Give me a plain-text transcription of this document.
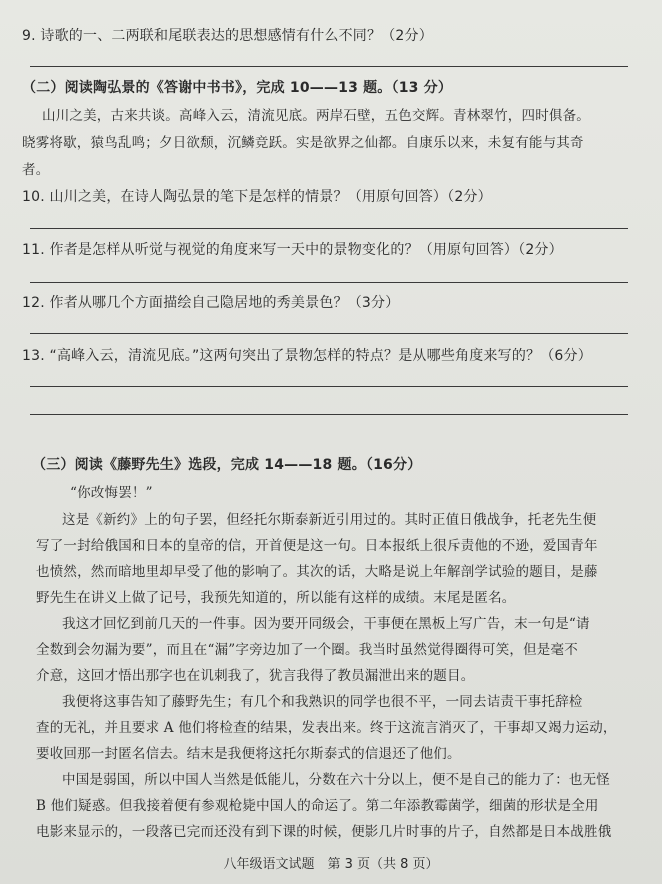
9. 诗歌的一、二两联和尾联表达的思想感情有什么不同？（2分）
（二）阅读陶弘景的《答谢中书书》，完成 10——13 题。（13 分）
山川之美，古来共谈。高峰入云，清流见底。两岸石壁，五色交辉。青林翠竹，四时俱备。
晓雾将歇，猿鸟乱鸣；夕日欲颓，沉鳞竞跃。实是欲界之仙都。自康乐以来，未复有能与其奇
者。
10. 山川之美，在诗人陶弘景的笔下是怎样的情景？（用原句回答）（2分）
11. 作者是怎样从听觉与视觉的角度来写一天中的景物变化的？（用原句回答）（2分）
12. 作者从哪几个方面描绘自己隐居地的秀美景色？（3分）
13. “高峰入云，清流见底。”这两句突出了景物怎样的特点？是从哪些角度来写的？（6分）
（三）阅读《藤野先生》选段，完成 14——18 题。（16分）
“你改悔罢！”
这是《新约》上的句子罢，但经托尔斯泰新近引用过的。其时正值日俄战争，托老先生便
写了一封给俄国和日本的皇帝的信，开首便是这一句。日本报纸上很斥责他的不逊，爱国青年
也愤然，然而暗地里却早受了他的影响了。其次的话，大略是说上年解剖学试验的题目，是藤
野先生在讲义上做了记号，我预先知道的，所以能有这样的成绩。末尾是匿名。
我这才回忆到前几天的一件事。因为要开同级会，干事便在黑板上写广告，末一句是“请
全数到会勿漏为要”，而且在“漏”字旁边加了一个圈。我当时虽然觉得圈得可笑，但是毫不
介意，这回才悟出那字也在讥刺我了，犹言我得了教员漏泄出来的题目。
我便将这事告知了藤野先生；有几个和我熟识的同学也很不平，一同去诘责干事托辞检
查的无礼，并且要求 A 他们将检查的结果，发表出来。终于这流言消灭了，干事却又竭力运动，
要收回那一封匿名信去。结末是我便将这托尔斯泰式的信退还了他们。
中国是弱国，所以中国人当然是低能儿，分数在六十分以上，便不是自己的能力了：也无怪
B 他们疑惑。但我接着便有参观枪毙中国人的命运了。第二年添教霉菌学，细菌的形状是全用
电影来显示的，一段落已完而还没有到下课的时候，便影几片时事的片子，自然都是日本战胜俄
八年级语文试题　第 3 页（共 8 页）
